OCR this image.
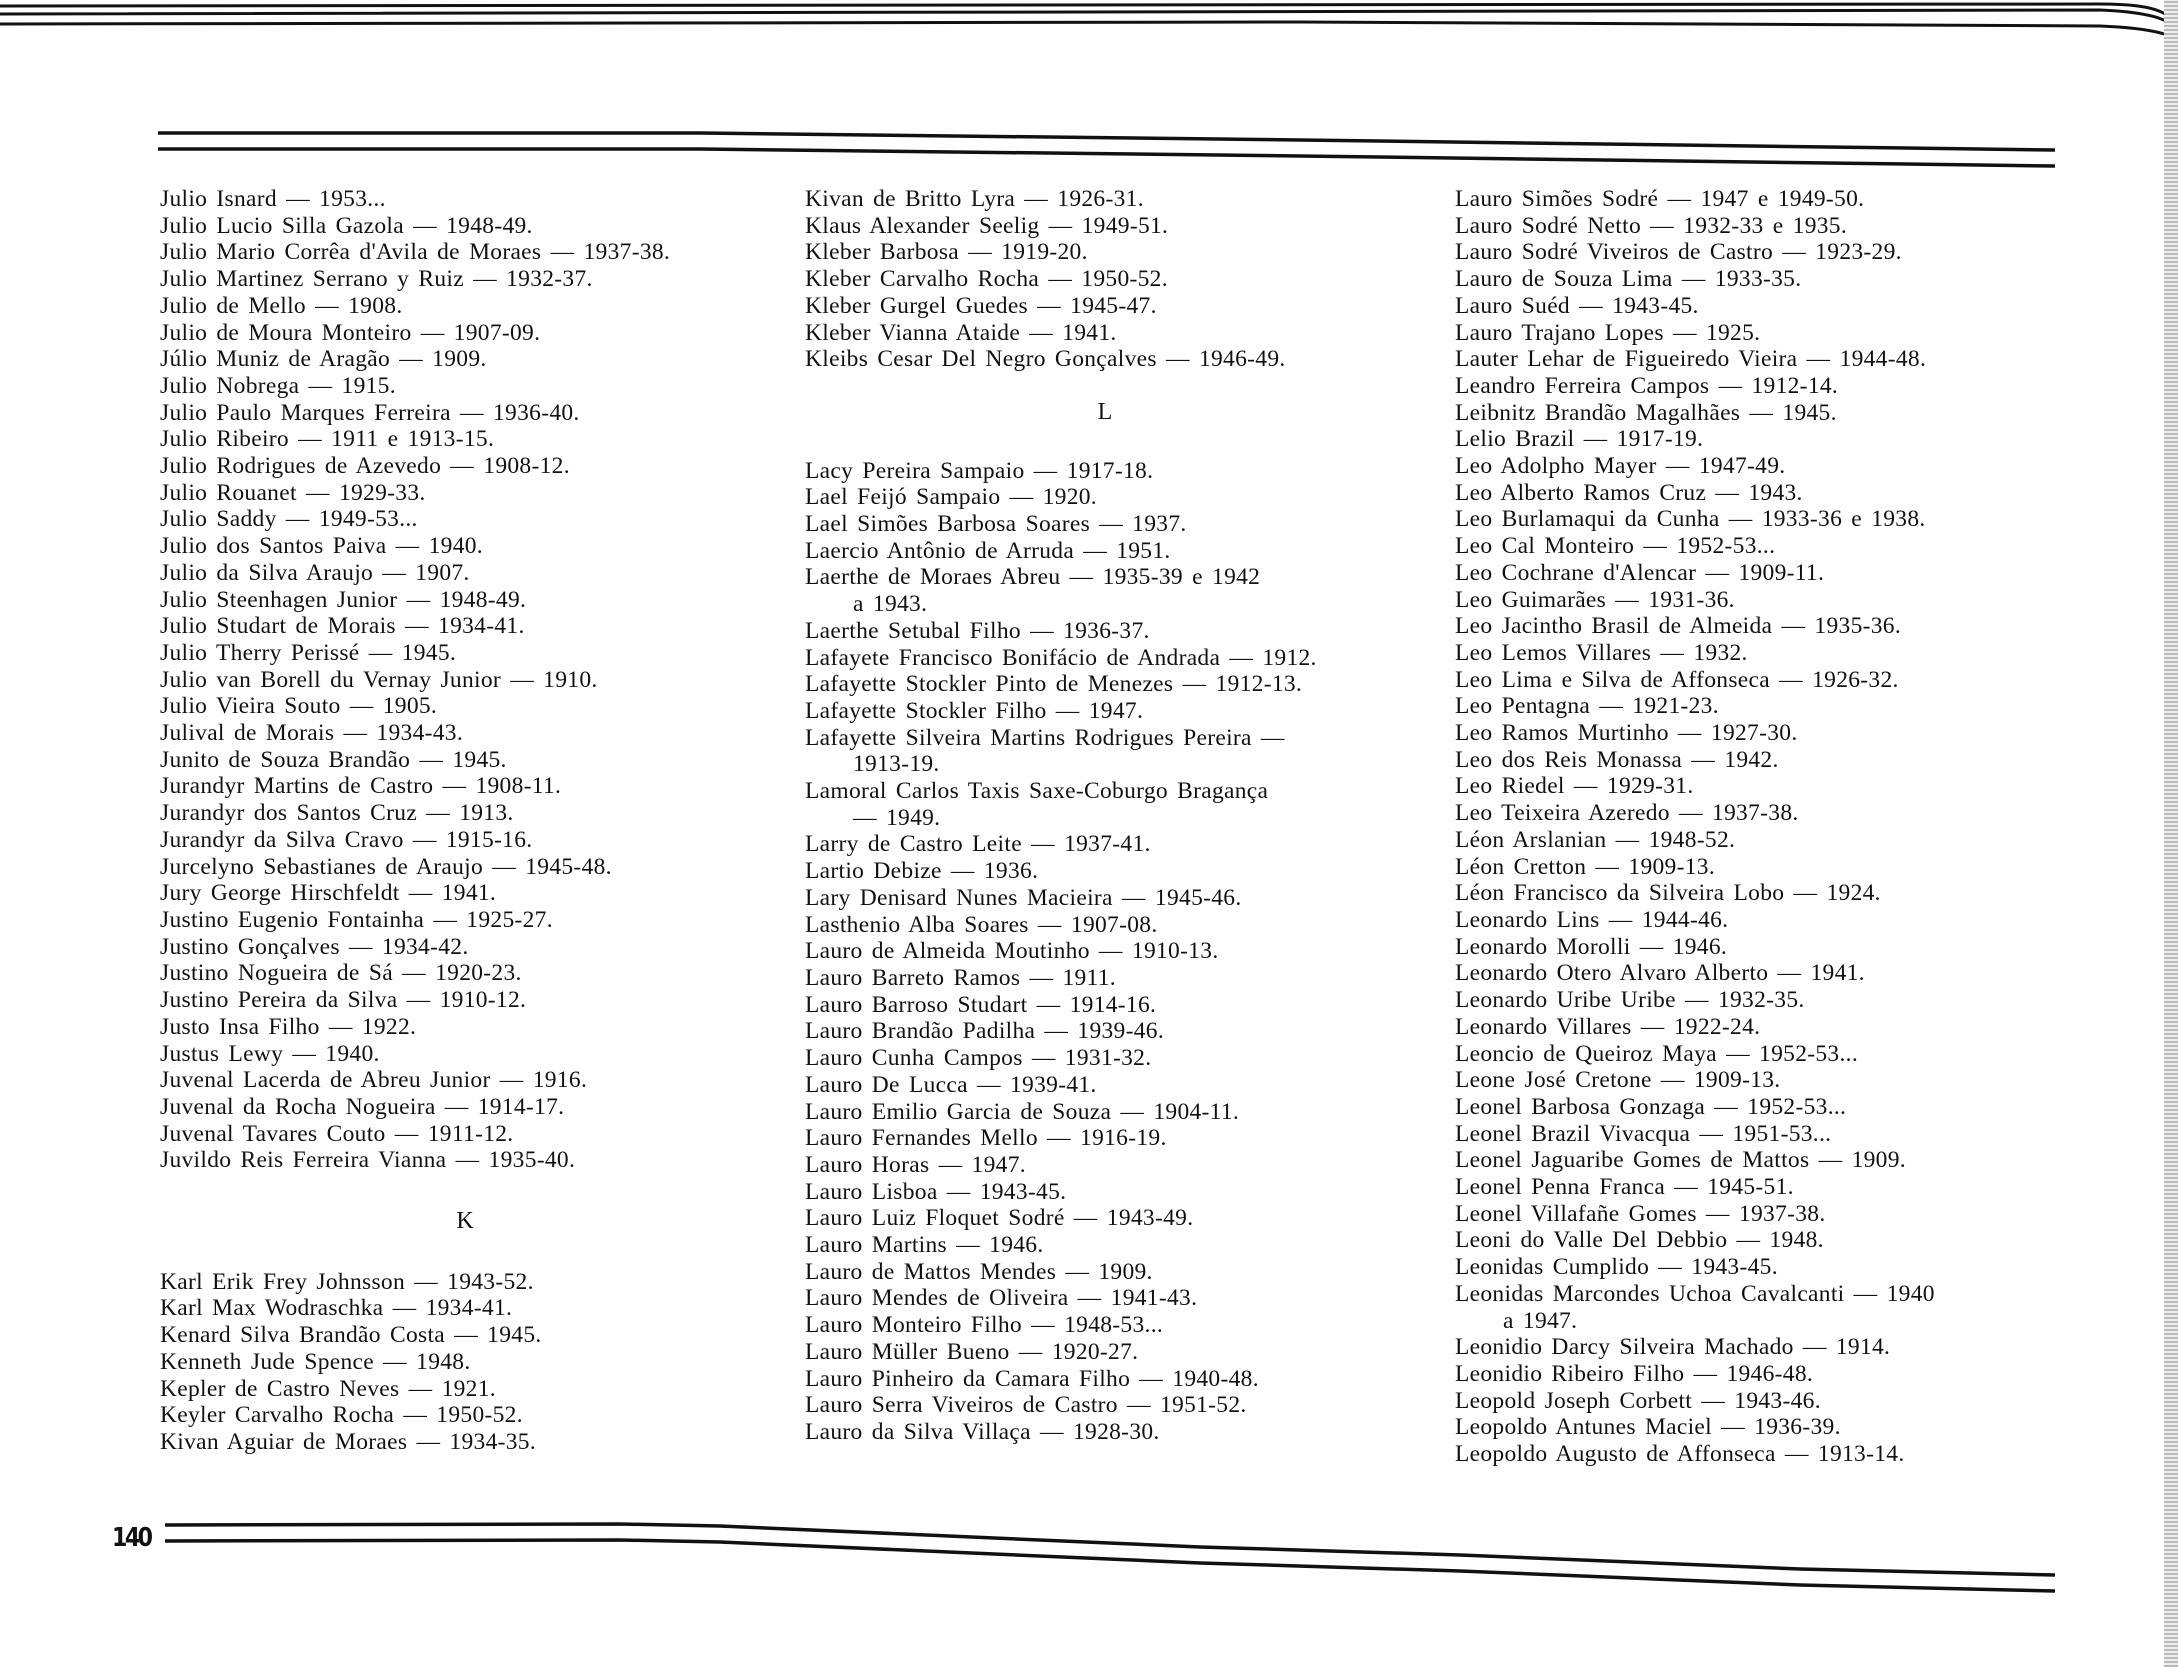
140
Julio Isnard — 1953...
Julio Lucio Silla Gazola — 1948-49.
Julio Mario Corrêa d'Avila de Moraes — 1937-38.
Julio Martinez Serrano y Ruiz — 1932-37.
Julio de Mello — 1908.
Julio de Moura Monteiro — 1907-09.
Júlio Muniz de Aragão — 1909.
Julio Nobrega — 1915.
Julio Paulo Marques Ferreira — 1936-40.
Julio Ribeiro — 1911 e 1913-15.
Julio Rodrigues de Azevedo — 1908-12.
Julio Rouanet — 1929-33.
Julio Saddy — 1949-53...
Julio dos Santos Paiva — 1940.
Julio da Silva Araujo — 1907.
Julio Steenhagen Junior — 1948-49.
Julio Studart de Morais — 1934-41.
Julio Therry Perissé — 1945.
Julio van Borell du Vernay Junior — 1910.
Julio Vieira Souto — 1905.
Julival de Morais — 1934-43.
Junito de Souza Brandão — 1945.
Jurandyr Martins de Castro — 1908-11.
Jurandyr dos Santos Cruz — 1913.
Jurandyr da Silva Cravo — 1915-16.
Jurcelyno Sebastianes de Araujo — 1945-48.
Jury George Hirschfeldt — 1941.
Justino Eugenio Fontainha — 1925-27.
Justino Gonçalves — 1934-42.
Justino Nogueira de Sá — 1920-23.
Justino Pereira da Silva — 1910-12.
Justo Insa Filho — 1922.
Justus Lewy — 1940.
Juvenal Lacerda de Abreu Junior — 1916.
Juvenal da Rocha Nogueira — 1914-17.
Juvenal Tavares Couto — 1911-12.
Juvildo Reis Ferreira Vianna — 1935-40.
K
Karl Erik Frey Johnsson — 1943-52.
Karl Max Wodraschka — 1934-41.
Kenard Silva Brandão Costa — 1945.
Kenneth Jude Spence — 1948.
Kepler de Castro Neves — 1921.
Keyler Carvalho Rocha — 1950-52.
Kivan Aguiar de Moraes — 1934-35.
Kivan de Britto Lyra — 1926-31.
Klaus Alexander Seelig — 1949-51.
Kleber Barbosa — 1919-20.
Kleber Carvalho Rocha — 1950-52.
Kleber Gurgel Guedes — 1945-47.
Kleber Vianna Ataide — 1941.
Kleibs Cesar Del Negro Gonçalves — 1946-49.
L
Lacy Pereira Sampaio — 1917-18.
Lael Feijó Sampaio — 1920.
Lael Simões Barbosa Soares — 1937.
Laercio Antônio de Arruda — 1951.
Laerthe de Moraes Abreu — 1935-39 e 1942
a 1943.
Laerthe Setubal Filho — 1936-37.
Lafayete Francisco Bonifácio de Andrada — 1912.
Lafayette Stockler Pinto de Menezes — 1912-13.
Lafayette Stockler Filho — 1947.
Lafayette Silveira Martins Rodrigues Pereira —
1913-19.
Lamoral Carlos Taxis Saxe-Coburgo Bragança
— 1949.
Larry de Castro Leite — 1937-41.
Lartio Debize — 1936.
Lary Denisard Nunes Macieira — 1945-46.
Lasthenio Alba Soares — 1907-08.
Lauro de Almeida Moutinho — 1910-13.
Lauro Barreto Ramos — 1911.
Lauro Barroso Studart — 1914-16.
Lauro Brandão Padilha — 1939-46.
Lauro Cunha Campos — 1931-32.
Lauro De Lucca — 1939-41.
Lauro Emilio Garcia de Souza — 1904-11.
Lauro Fernandes Mello — 1916-19.
Lauro Horas — 1947.
Lauro Lisboa — 1943-45.
Lauro Luiz Floquet Sodré — 1943-49.
Lauro Martins — 1946.
Lauro de Mattos Mendes — 1909.
Lauro Mendes de Oliveira — 1941-43.
Lauro Monteiro Filho — 1948-53...
Lauro Müller Bueno — 1920-27.
Lauro Pinheiro da Camara Filho — 1940-48.
Lauro Serra Viveiros de Castro — 1951-52.
Lauro da Silva Villaça — 1928-30.
Lauro Simões Sodré — 1947 e 1949-50.
Lauro Sodré Netto — 1932-33 e 1935.
Lauro Sodré Viveiros de Castro — 1923-29.
Lauro de Souza Lima — 1933-35.
Lauro Suéd — 1943-45.
Lauro Trajano Lopes — 1925.
Lauter Lehar de Figueiredo Vieira — 1944-48.
Leandro Ferreira Campos — 1912-14.
Leibnitz Brandão Magalhães — 1945.
Lelio Brazil — 1917-19.
Leo Adolpho Mayer — 1947-49.
Leo Alberto Ramos Cruz — 1943.
Leo Burlamaqui da Cunha — 1933-36 e 1938.
Leo Cal Monteiro — 1952-53...
Leo Cochrane d'Alencar — 1909-11.
Leo Guimarães — 1931-36.
Leo Jacintho Brasil de Almeida — 1935-36.
Leo Lemos Villares — 1932.
Leo Lima e Silva de Affonseca — 1926-32.
Leo Pentagna — 1921-23.
Leo Ramos Murtinho — 1927-30.
Leo dos Reis Monassa — 1942.
Leo Riedel — 1929-31.
Leo Teixeira Azeredo — 1937-38.
Léon Arslanian — 1948-52.
Léon Cretton — 1909-13.
Léon Francisco da Silveira Lobo — 1924.
Leonardo Lins — 1944-46.
Leonardo Morolli — 1946.
Leonardo Otero Alvaro Alberto — 1941.
Leonardo Uribe Uribe — 1932-35.
Leonardo Villares — 1922-24.
Leoncio de Queiroz Maya — 1952-53...
Leone José Cretone — 1909-13.
Leonel Barbosa Gonzaga — 1952-53...
Leonel Brazil Vivacqua — 1951-53...
Leonel Jaguaribe Gomes de Mattos — 1909.
Leonel Penna Franca — 1945-51.
Leonel Villafañe Gomes — 1937-38.
Leoni do Valle Del Debbio — 1948.
Leonidas Cumplido — 1943-45.
Leonidas Marcondes Uchoa Cavalcanti — 1940
a 1947.
Leonidio Darcy Silveira Machado — 1914.
Leonidio Ribeiro Filho — 1946-48.
Leopold Joseph Corbett — 1943-46.
Leopoldo Antunes Maciel — 1936-39.
Leopoldo Augusto de Affonseca — 1913-14.
